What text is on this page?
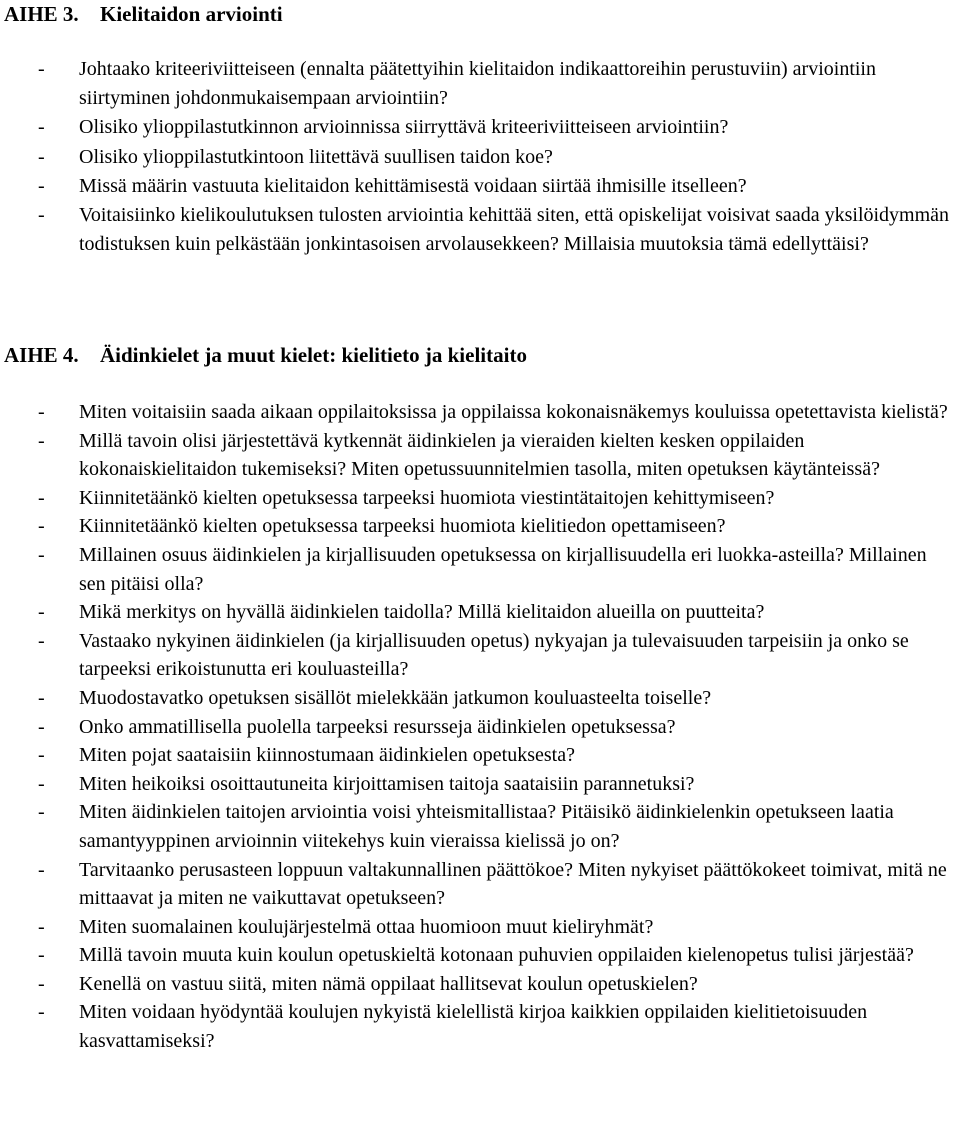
AIHE 3. Kielitaidon arviointi
- Johtaako kriteeriviitteiseen (ennalta päätettyihin kielitaidon indikaattoreihin perustuviin) arviointiin siirtyminen johdonmukaisempaan arviointiin?
- Olisiko ylioppilastutkinnon arvioinnissa siirryttävä kriteeriviitteiseen arviointiin?
- Olisiko ylioppilastutkintoon liitettävä suullisen taidon koe?
- Missä määrin vastuuta kielitaidon kehittämisestä voidaan siirtää ihmisille itselleen?
- Voitaisiinko kielikoulutuksen tulosten arviointia kehittää siten, että opiskelijat voisivat saada yksilöidymmän todistuksen kuin pelkästään jonkintasoisen arvolausekkeen? Millaisia muutoksia tämä edellyttäisi?
AIHE 4. Äidinkielet ja muut kielet: kielitieto ja kielitaito
- Miten voitaisiin saada aikaan oppilaitoksissa ja oppilaissa kokonaisnäkemys kouluissa opetettavista kielistä?
- Millä tavoin olisi järjestettävä kytkennät äidinkielen ja vieraiden kielten kesken oppilaiden kokonaiskielitaidon tukemiseksi? Miten opetussuunnitelmien tasolla, miten opetuksen käytänteissä?
- Kiinnitetäänkö kielten opetuksessa tarpeeksi huomiota viestintätaitojen kehittymiseen?
- Kiinnitetäänkö kielten opetuksessa tarpeeksi huomiota kielitiedon opettamiseen?
- Millainen osuus äidinkielen ja kirjallisuuden opetuksessa on kirjallisuudella eri luokka-asteilla? Millainen sen pitäisi olla?
- Mikä merkitys on hyvällä äidinkielen taidolla? Millä kielitaidon alueilla on puutteita?
- Vastaako nykyinen äidinkielen (ja kirjallisuuden opetus) nykyajan ja tulevaisuuden tarpeisiin ja onko se tarpeeksi erikoistunutta eri kouluasteilla?
- Muodostavatko opetuksen sisällöt mielekkään jatkumon kouluasteelta toiselle?
- Onko ammatillisella puolella tarpeeksi resursseja äidinkielen opetuksessa?
- Miten pojat saataisiin kiinnostumaan äidinkielen opetuksesta?
- Miten heikoiksi osoittautuneita kirjoittamisen taitoja saataisiin parannetuksi?
- Miten äidinkielen taitojen arviointia voisi yhteismitallistaa? Pitäisikö äidinkielenkin opetukseen laatia samantyyppinen arvioinnin viitekehys kuin vieraissa kielissä jo on?
- Tarvitaanko perusasteen loppuun valtakunnallinen päättökoe? Miten nykyiset päättökokeet toimivat, mitä ne mittaavat ja miten ne vaikuttavat opetukseen?
- Miten suomalainen koulujärjestelmä ottaa huomioon muut kieliryhmät?
- Millä tavoin muuta kuin koulun opetuskieltä kotonaan puhuvien oppilaiden kielenopetus tulisi järjestää?
- Kenellä on vastuu siitä, miten nämä oppilaat hallitsevat koulun opetuskielen?
- Miten voidaan hyödyntää koulujen nykyistä kielellistä kirjoa kaikkien oppilaiden kielitietoisuuden kasvattamiseksi?
